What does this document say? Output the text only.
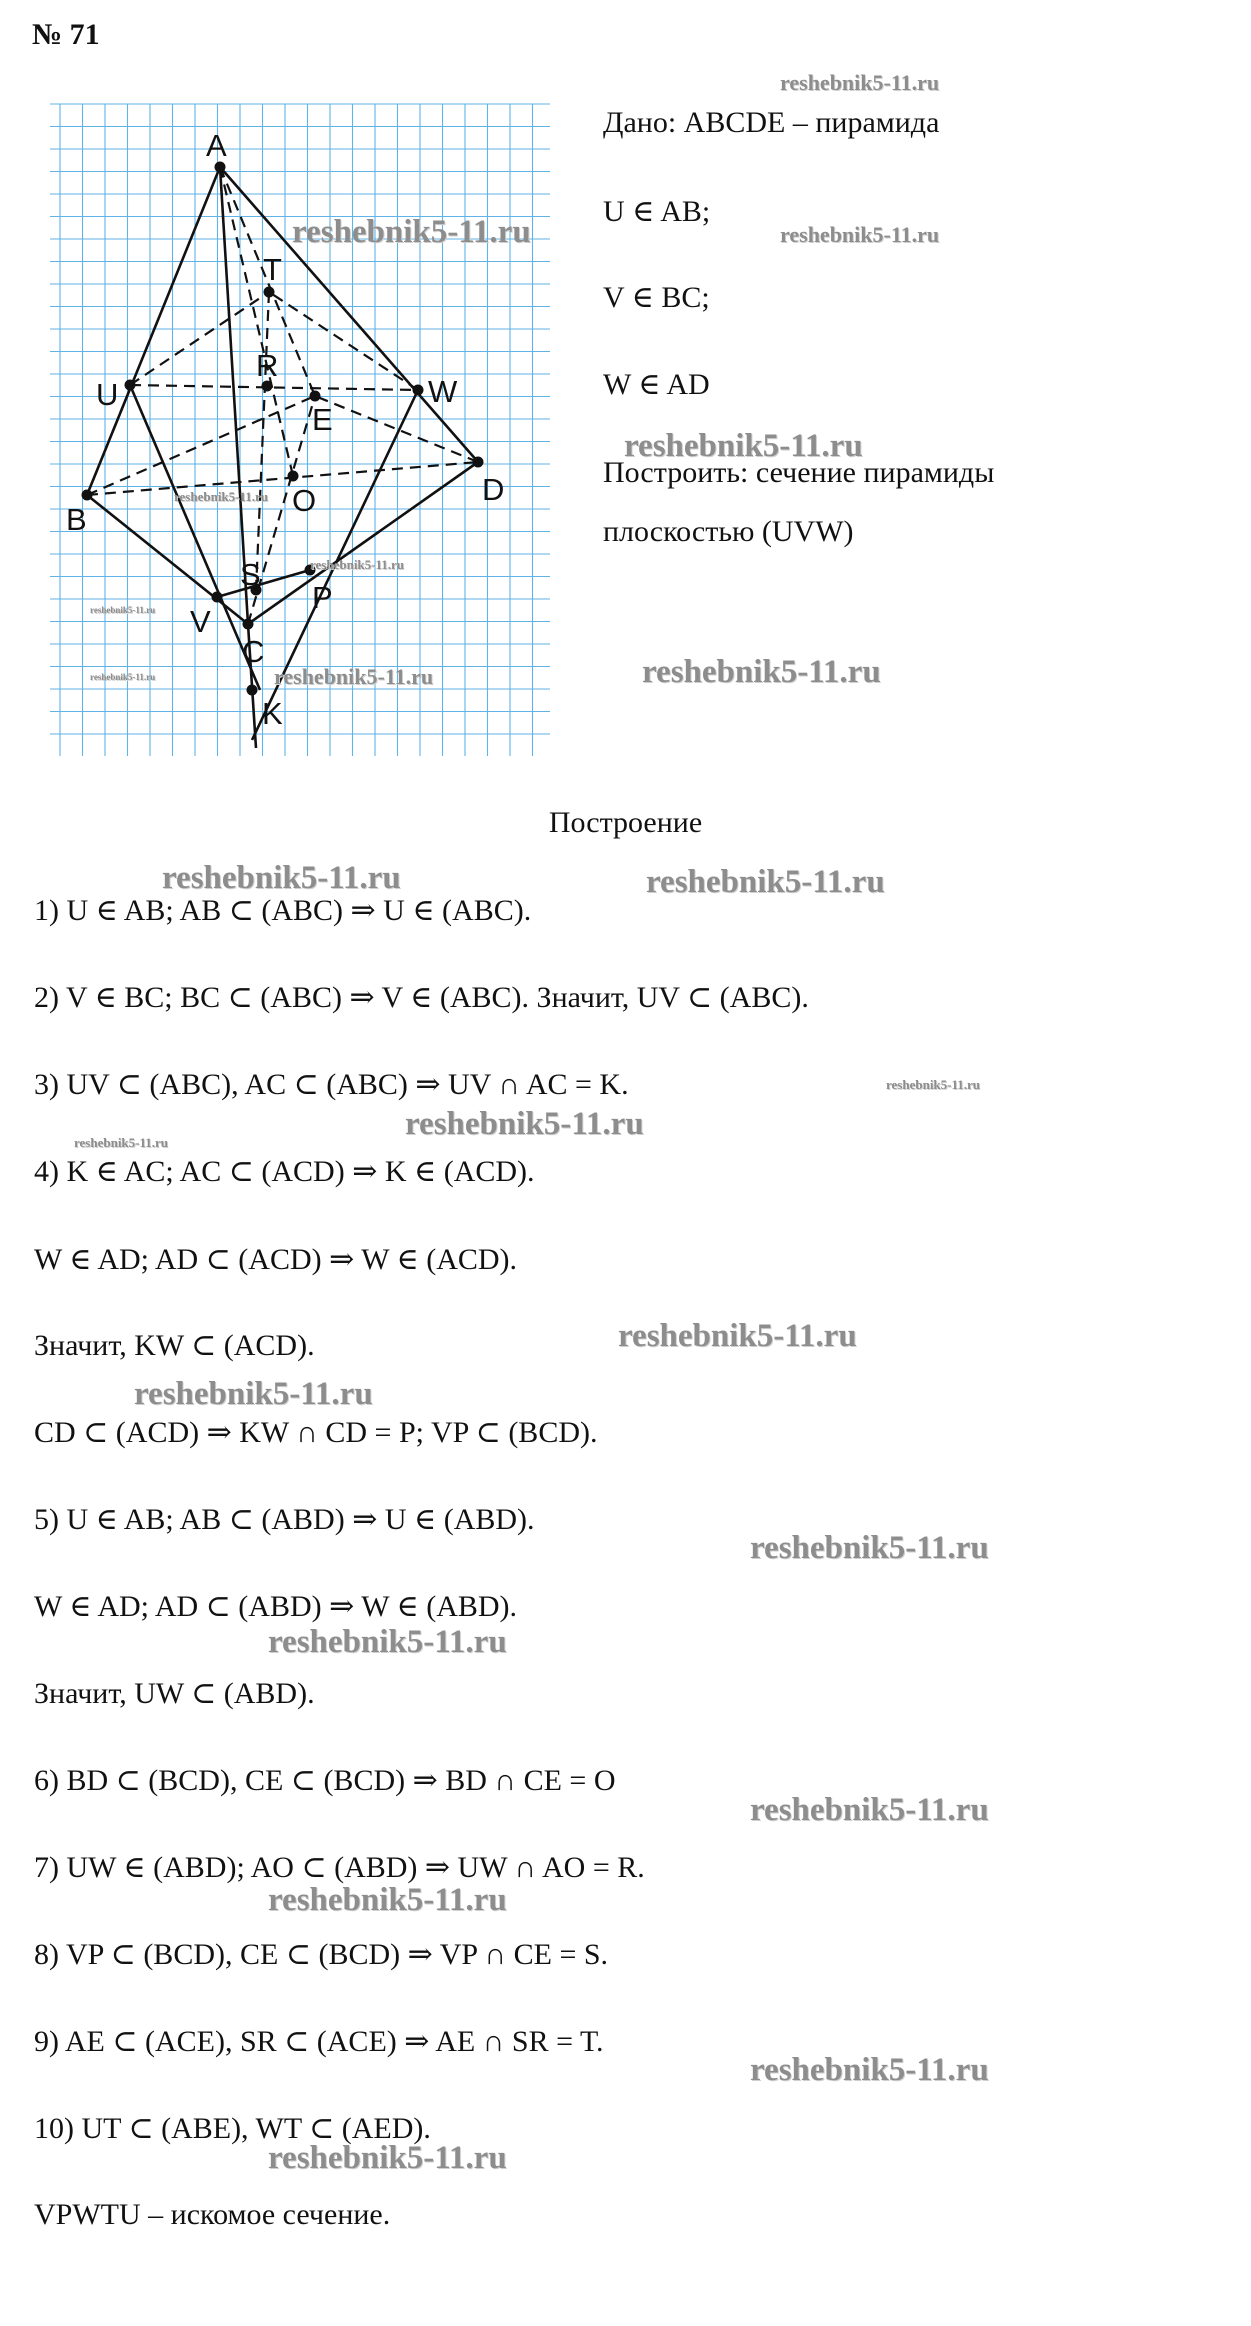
№ 71
A
T
R
U	W
E
B
O	D
S
P
V
C
K
Дано: ABCDE – пирамида
U ∈ AB;
V ∈ BC;
W ∈ AD
Построить: сечение пирамиды
плоскостью (UVW)
Построение
1) U ∈ AB; AB ⊂ (ABC) ⇒ U ∈ (ABC).
2) V ∈ BC; BC ⊂ (ABC) ⇒ V ∈ (ABC). Значит, UV ⊂ (ABC).
3) UV ⊂ (ABC), AC ⊂ (ABC) ⇒ UV ∩ AC = K.
4) K ∈ AC; AC ⊂ (ACD) ⇒ K ∈ (ACD).
W ∈ AD; AD ⊂ (ACD) ⇒ W ∈ (ACD).
Значит, KW ⊂ (ACD).
CD ⊂ (ACD) ⇒ KW ∩ CD = P; VP ⊂ (BCD).
5) U ∈ AB; AB ⊂ (ABD) ⇒ U ∈ (ABD).
W ∈ AD; AD ⊂ (ABD) ⇒ W ∈ (ABD).
Значит, UW ⊂ (ABD).
6) BD ⊂ (BCD), CE ⊂ (BCD) ⇒ BD ∩ CE = O
7) UW ∈ (ABD); AO ⊂ (ABD) ⇒ UW ∩ AO = R.
8) VP ⊂ (BCD), CE ⊂ (BCD) ⇒ VP ∩ CE = S.
9) AE ⊂ (ACE), SR ⊂ (ACE) ⇒ AE ∩ SR = T.
10) UT ⊂ (ABE), WT ⊂ (AED).
VPWTU – искомое сечение.
reshebnik5-11.ru
reshebnik5-11.ru	reshebnik5-11.ru
reshebnik5-11.ru
reshebnik5-11.ru
reshebnik5-11.ru
reshebnik5-11.ru
reshebnik5-11.ru	reshebnik5-11.ru	reshebnik5-11.ru
reshebnik5-11.ru	reshebnik5-11.ru
reshebnik5-11.ru
reshebnik5-11.ru
reshebnik5-11.ru
reshebnik5-11.ru
reshebnik5-11.ru
reshebnik5-11.ru
reshebnik5-11.ru
reshebnik5-11.ru
reshebnik5-11.ru
reshebnik5-11.ru
reshebnik5-11.ru
